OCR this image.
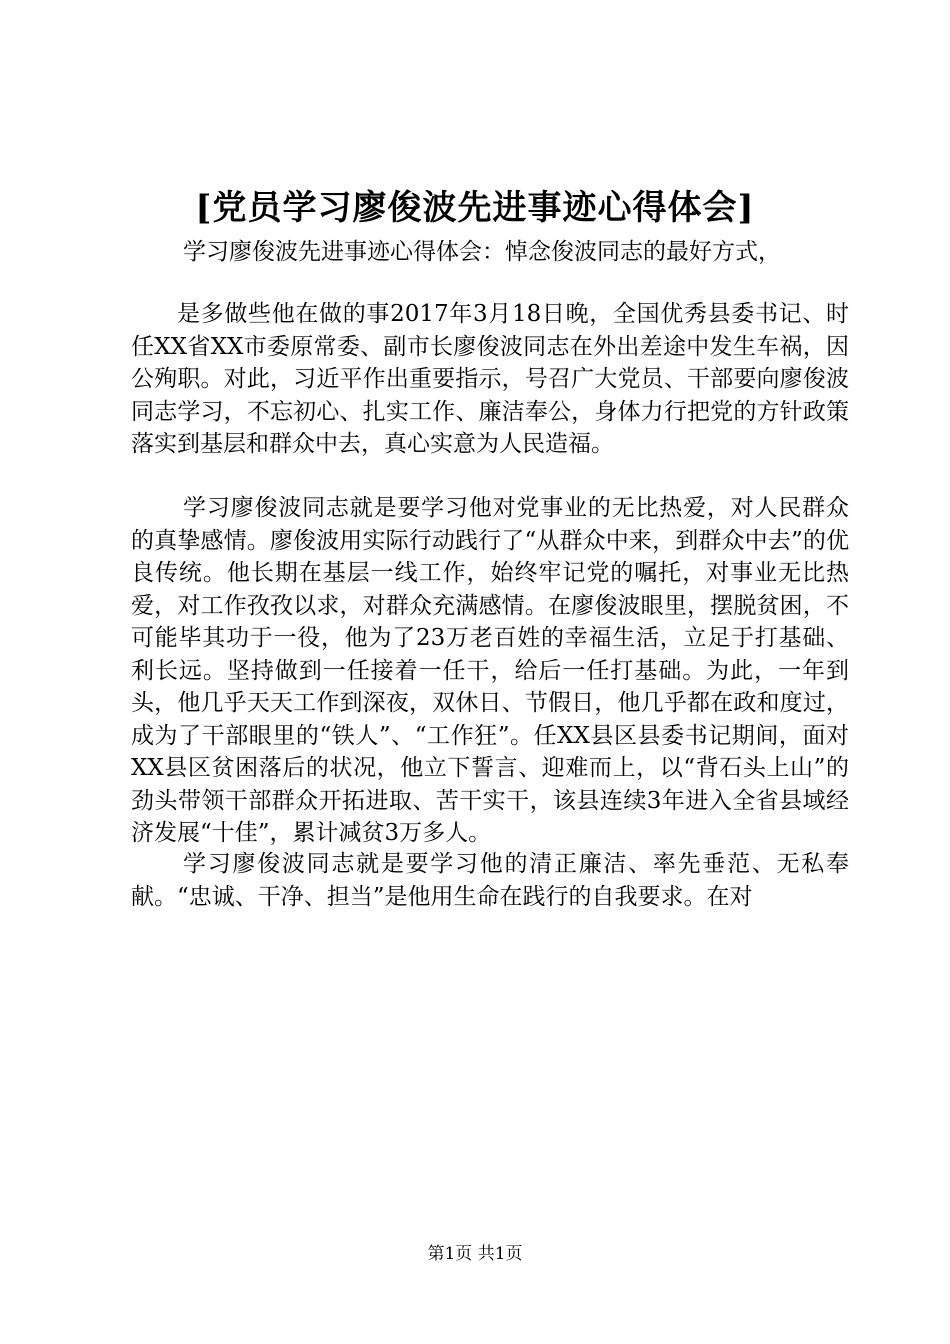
[党员学习廖俊波先进事迹心得体会]

学习廖俊波先进事迹心得体会：悼念俊波同志的最好方式，

是多做些他在做的事2017年3月18日晚，全国优秀县委书记、时任XX省XX市委原常委、副市长廖俊波同志在外出差途中发生车祸，因公殉职。对此，习近平作出重要指示，号召广大党员、干部要向廖俊波同志学习，不忘初心、扎实工作、廉洁奉公，身体力行把党的方针政策落实到基层和群众中去，真心实意为人民造福。

学习廖俊波同志就是要学习他对党事业的无比热爱，对人民群众的真挚感情。廖俊波用实际行动践行了“从群众中来，到群众中去”的优良传统。他长期在基层一线工作，始终牢记党的嘱托，对事业无比热爱，对工作孜孜以求，对群众充满感情。在廖俊波眼里，摆脱贫困，不可能毕其功于一役，他为了23万老百姓的幸福生活，立足于打基础、利长远。坚持做到一任接着一任干，给后一任打基础。为此，一年到头，他几乎天天工作到深夜，双休日、节假日，他几乎都在政和度过，成为了干部眼里的“铁人”、“工作狂”。任XX县区县委书记期间，面对XX县区贫困落后的状况，他立下誓言、迎难而上，以“背石头上山”的劲头带领干部群众开拓进取、苦干实干，该县连续3年进入全省县域经济发展“十佳”，累计减贫3万多人。

学习廖俊波同志就是要学习他的清正廉洁、率先垂范、无私奉献。“忠诚、干净、担当”是他用生命在践行的自我要求。在对

第1页 共1页
